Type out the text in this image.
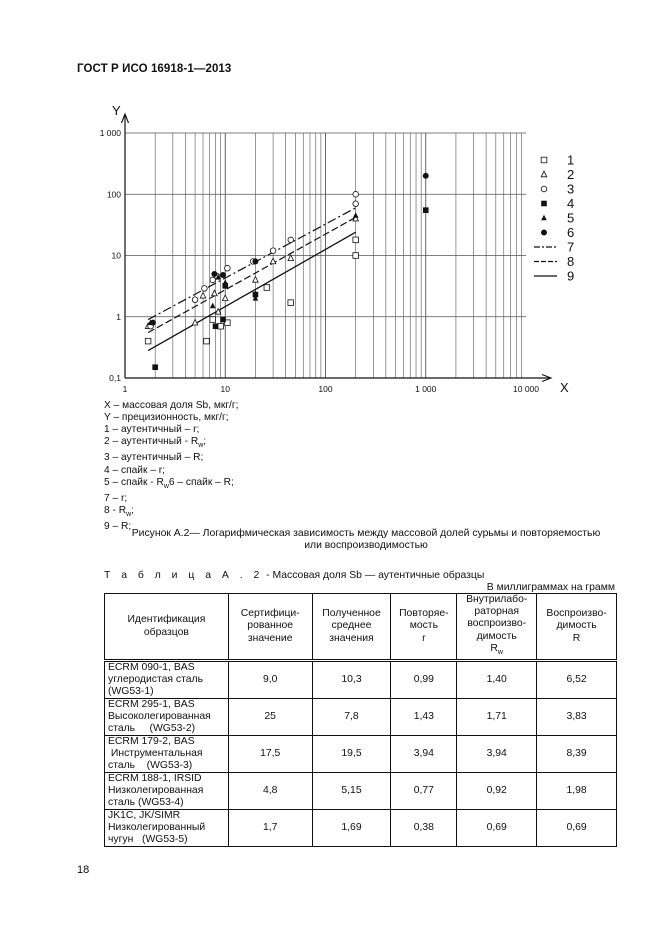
ГОСТ Р ИСО 16918-1—2013
Y
X
1	10	100	1 000	10 000
0,1
1
10
100
1 000
1
2
3
4
5
6
7
8
9
X – массовая доля Sb, мкг/г;
Y – прецизионность, мкг/г;
1 – аутентичный – r;
2 – аутентичный - $R_w$;
3 – аутентичный – R;
4 – спайк – r;
5 – спайк - $R_w6$ – спайк – R;
7 – r;
$8 - R_w$;
9 – R;
Рисунок А.2— Логарифмическая зависимость между массовой долей сурьмы и повторяемостью
или воспроизводимостью
Т а б л и ц а А . 2 - Массовая доля Sb — аутентичные образцы
В миллиграммах на грамм
Идентификация
образцов	Сертифици-
рованное
значение	Полученное
среднее
значения	Повторяе-
мость
r	Внутрилабо-
раторная
воспроизво-
димость
$R_w$	Воспроизво-
димость
R
ECRM 090-1, BAS
углеродистая сталь
(WG53-1)	9,0	10,3	0,99	1,40	6,52
ECRM 295-1, BAS
Высоколегированная
сталь     (WG53-2)	25	7,8	1,43	1,71	3,83
ECRM 179-2, BAS
Инструментальная
сталь    (WG53-3)	17,5	19,5	3,94	3,94	8,39
ECRM 188-1, IRSID
Низколегированная
сталь (WG53-4)	4,8	5,15	0,77	0,92	1,98
JK1C, JK/SIMR
Низколегированный
чугун   (WG53-5)	1,7	1,69	0,38	0,69	0,69
18
